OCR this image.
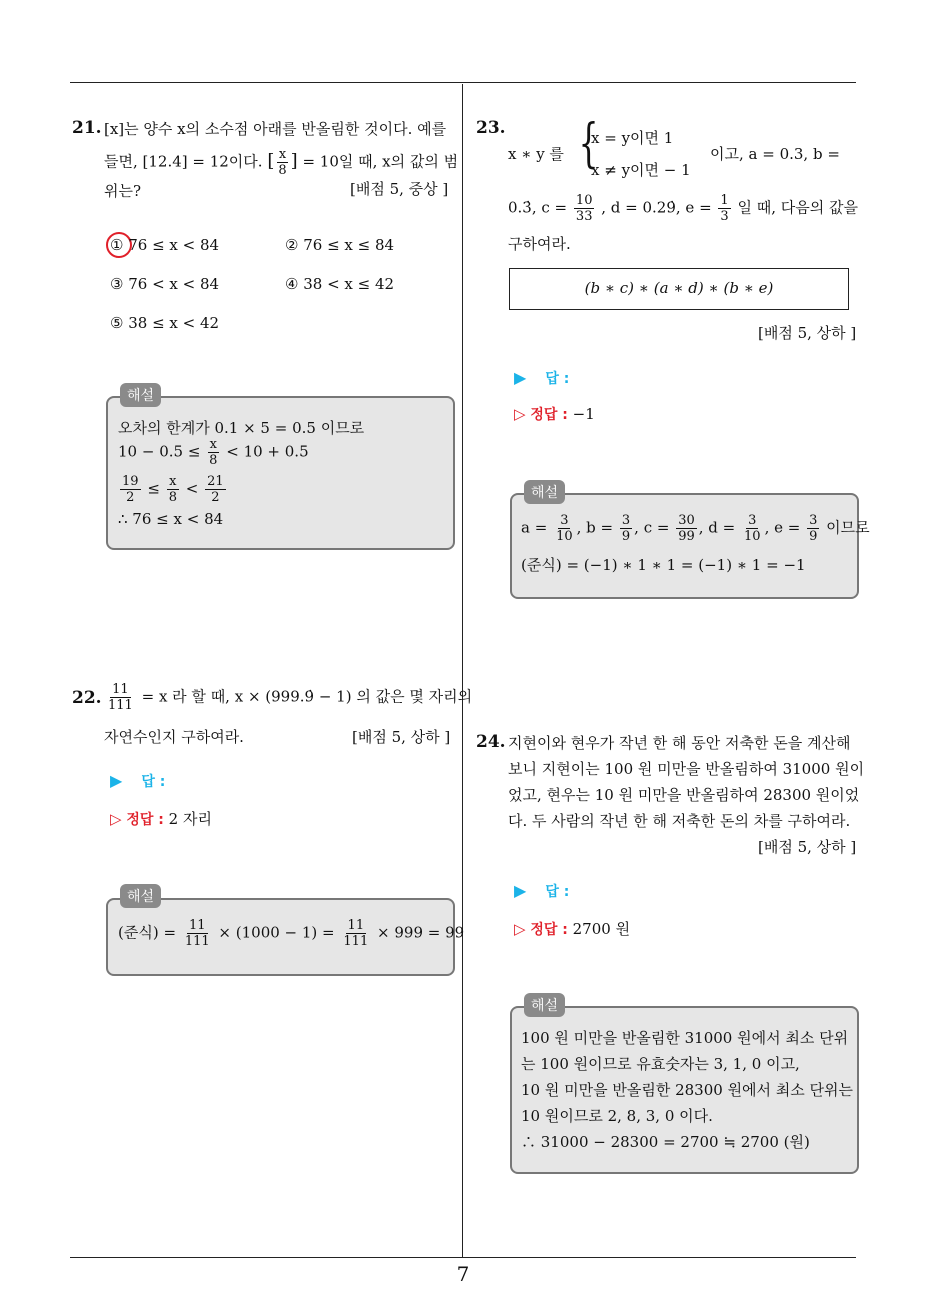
7
21. [x]는 양수 x의 소수점 아래를 반올림한 것이다. 예를
들면, [12.4] = 12이다. [ $\frac{x}{8}$ ] = 10일 때, x의 값의 범
위는?	[배점 5, 중상 ]
① 76 ≤ x < 84	② 76 ≤ x ≤ 84
③ 76 < x < 84	④ 38 < x ≤ 42
⑤ 38 ≤ x < 42
해설
오차의 한계가 0.1 × 5 = 0.5 이므로
$10 - 0.5 \le \frac{x}{8} < 10 + 0.5$
$\frac{19}{2} \le \frac{x}{8} < \frac{21}{2}$
∴ 76 ≤ x < 84
22. $\frac{11}{111} = x$ 라 할 때, x × (999.9̇ − 1) 의 값은 몇 자리의
자연수인지 구하여라.	[배점 5, 상하 ]
▶ 답 :
▷ 정답 : 2 자리
해설
(준식) = $\frac{11}{111} \times (1000 - 1) = \frac{11}{111} \times 999 = 99$
23.
x ∗ y 를 {
x = y이면 1
x ≠ y이면 − 1
이고, a = 0.3, b =
0.3̇, $c = \frac{10}{33}$ , d = 0.29̇, $e = \frac{1}{3}$ 일 때, 다음의 값을
구하여라.
(b ∗ c) ∗ (a ∗ d) ∗ (b ∗ e)
[배점 5, 상하 ]
▶ 답 :
▷ 정답 : −1
해설
$a = \frac{3}{10}$ , $b = \frac{3}{9}$ , $c = \frac{30}{99}$ , $d = \frac{3}{10}$ , $e = \frac{3}{9}$ 이므로
(준식) = (−1) ∗ 1 ∗ 1 = (−1) ∗ 1 = −1
24. 지현이와 현우가 작년 한 해 동안 저축한 돈을 계산해
보니 지현이는 100 원 미만을 반올림하여 31000 원이
었고, 현우는 10 원 미만을 반올림하여 28300 원이었
다. 두 사람의 작년 한 해 저축한 돈의 차를 구하여라.
[배점 5, 상하 ]
▶ 답 :
▷ 정답 : 2700 원
해설
100 원 미만을 반올림한 31000 원에서 최소 단위
는 100 원이므로 유효숫자는 3, 1, 0 이고,
10 원 미만을 반올림한 28300 원에서 최소 단위는
10 원이므로 2, 8, 3, 0 이다.
∴ 31000 − 28300 = 2700 ≒ 2700 (원)
